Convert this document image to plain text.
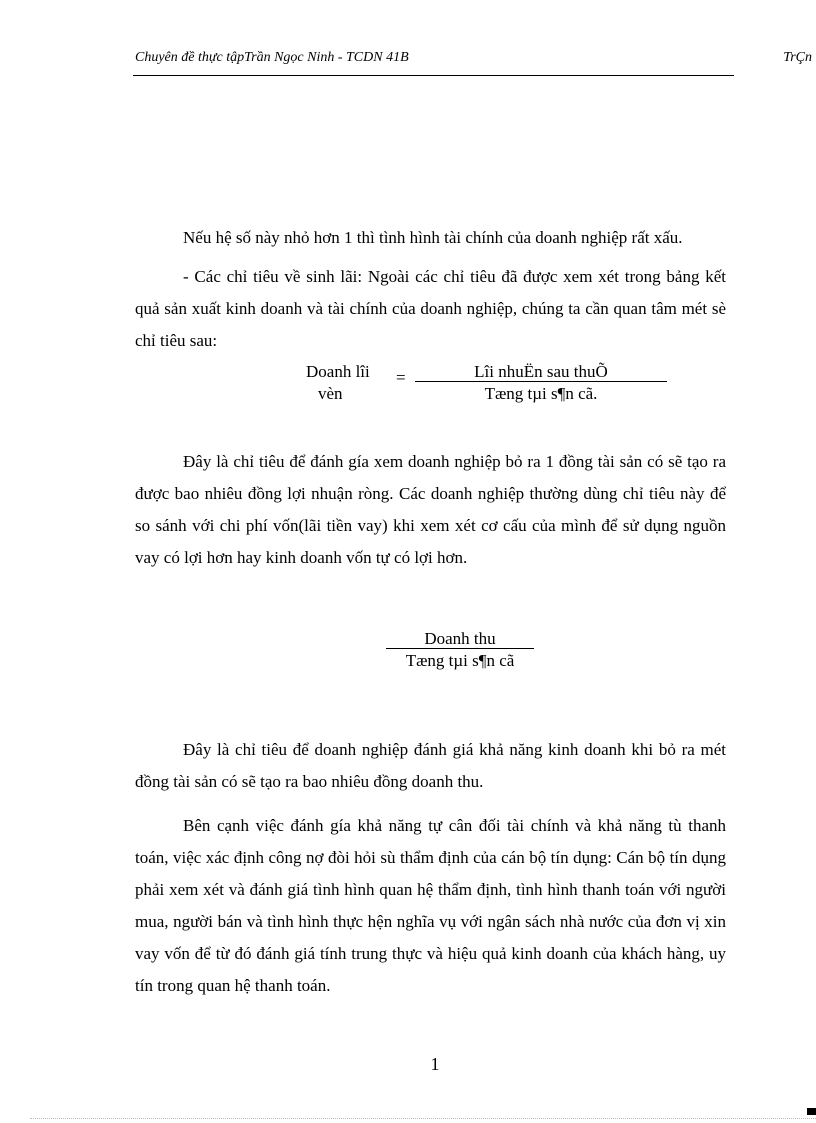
Chuyên đề thực tậpTrần Ngọc Ninh - TCDN 41B	TrÇn

Nếu hệ số này nhỏ hơn 1 thì tình hình tài chính của doanh nghiệp rất xấu.

- Các chỉ tiêu về sinh lãi: Ngoài các chỉ tiêu đã được xem xét trong bảng kết quả sản xuất kinh doanh và tài chính của doanh nghiệp, chúng ta cần quan tâm mét sè chỉ tiêu sau:

Doanh lîi
vèn
=	Lîi nhuËn sau thuÕ
Tæng tµi s¶n cã.

Đây là chỉ tiêu để đánh gía xem doanh nghiệp bỏ ra 1 đồng tài sản có sẽ tạo ra được bao nhiêu đồng lợi nhuận ròng. Các doanh nghiệp thường dùng chỉ tiêu này để so sánh với chi phí vốn(lãi tiền vay) khi xem xét cơ cấu của mình để sử dụng nguồn vay có lợi hơn hay kinh doanh vốn tự có lợi hơn.

Doanh thu
Tæng tµi s¶n cã

Đây là chỉ tiêu để doanh nghiệp đánh giá khả năng kinh doanh khi bỏ ra mét đồng tài sản có sẽ tạo ra bao nhiêu đồng doanh thu.

Bên cạnh việc đánh gía khả năng tự cân đối tài chính và khả năng tù thanh toán, việc xác định công nợ đòi hỏi sù thẩm định của cán bộ tín dụng: Cán bộ tín dụng phải xem xét và đánh giá tình hình quan hệ thẩm định, tình hình thanh toán với người mua, người bán và tình hình thực hện nghĩa vụ với ngân sách nhà nước của đơn vị xin vay vốn để từ đó đánh giá tính trung thực và hiệu quả kinh doanh của khách hàng, uy tín trong quan hệ thanh toán.

1
